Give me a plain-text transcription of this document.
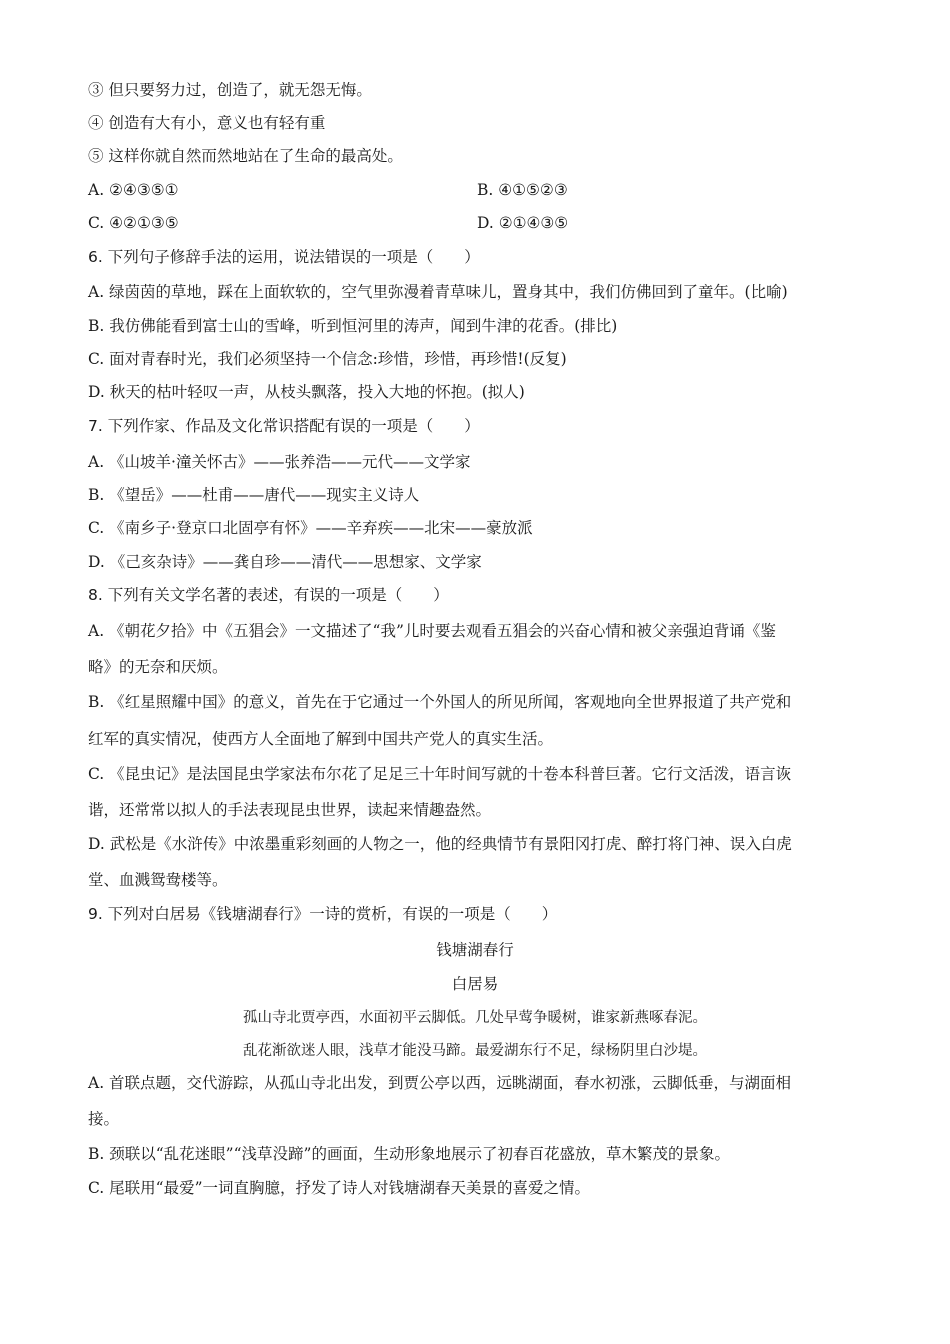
③ 但只要努力过，创造了，就无怨无悔。
④ 创造有大有小，意义也有轻有重
⑤ 这样你就自然而然地站在了生命的最高处。
A. ②④③⑤①	B. ④①⑤②③
C. ④②①③⑤	D. ②①④③⑤
6. 下列句子修辞手法的运用，说法错误的一项是（　　）
A. 绿茵茵的草地，踩在上面软软的，空气里弥漫着青草味儿，置身其中，我们仿佛回到了童年。(比喻)
B. 我仿佛能看到富士山的雪峰，听到恒河里的涛声，闻到牛津的花香。(排比)
C. 面对青春时光，我们必须坚持一个信念:珍惜，珍惜，再珍惜!(反复)
D. 秋天的枯叶轻叹一声，从枝头飘落，投入大地的怀抱。(拟人)
7. 下列作家、作品及文化常识搭配有误的一项是（　　）
A. 《山坡羊·潼关怀古》——张养浩——元代——文学家
B. 《望岳》——杜甫——唐代——现实主义诗人
C. 《南乡子·登京口北固亭有怀》——辛弃疾——北宋——豪放派
D. 《己亥杂诗》——龚自珍——清代——思想家、文学家
8. 下列有关文学名著的表述，有误的一项是（　　）
A. 《朝花夕拾》中《五猖会》一文描述了“我”儿时要去观看五猖会的兴奋心情和被父亲强迫背诵《鉴
略》的无奈和厌烦。
B. 《红星照耀中国》的意义，首先在于它通过一个外国人的所见所闻，客观地向全世界报道了共产党和
红军的真实情况，使西方人全面地了解到中国共产党人的真实生活。
C. 《昆虫记》是法国昆虫学家法布尔花了足足三十年时间写就的十卷本科普巨著。它行文活泼，语言诙
谐，还常常以拟人的手法表现昆虫世界，读起来情趣盎然。
D. 武松是《水浒传》中浓墨重彩刻画的人物之一，他的经典情节有景阳冈打虎、醉打将门神、误入白虎
堂、血溅鸳鸯楼等。
9. 下列对白居易《钱塘湖春行》一诗的赏析，有误的一项是（　　）
钱塘湖春行
白居易
孤山寺北贾亭西，水面初平云脚低。几处早莺争暖树，谁家新燕啄春泥。
乱花渐欲迷人眼，浅草才能没马蹄。最爱湖东行不足，绿杨阴里白沙堤。
A. 首联点题，交代游踪，从孤山寺北出发，到贾公亭以西，远眺湖面，春水初涨，云脚低垂，与湖面相
接。
B. 颈联以“乱花迷眼”“浅草没蹄”的画面，生动形象地展示了初春百花盛放，草木繁茂的景象。
C. 尾联用“最爱”一词直胸臆，抒发了诗人对钱塘湖春天美景的喜爱之情。
